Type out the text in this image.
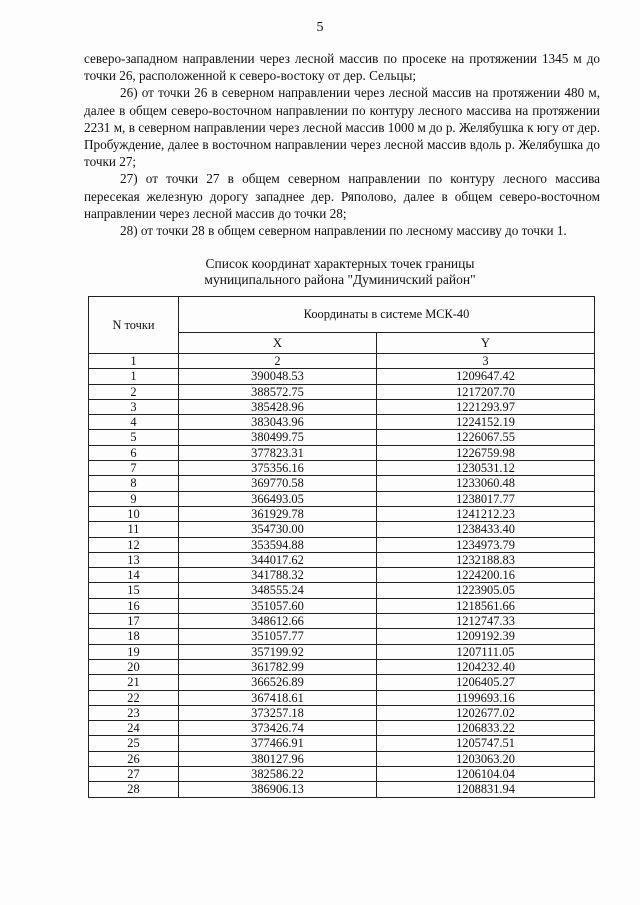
5

северо-западном направлении через лесной массив по просеке на протяжении 1345 м до точки 26, расположенной к северо-востоку от дер. Сельцы;

26) от точки 26 в северном направлении через лесной массив на протяжении 480 м, далее в общем северо-восточном направлении по контуру лесного массива на протяжении 2231 м, в северном направлении через лесной массив 1000 м до р. Желябушка к югу от дер. Пробуждение, далее в восточном направлении через лесной массив вдоль р. Желябушка до точки 27;

27) от точки 27 в общем северном направлении по контуру лесного массива пересекая железную дорогу западнее дер. Ряполово, далее в общем северо-восточном направлении через лесной массив до точки 28;

28) от точки 28 в общем северном направлении по лесному массиву до точки 1.

Список координат характерных точек границы
муниципального района "Думиничский район"
N точки	Координаты в системе МСК-40	
	X	Y
1	2	3
1	390048.53	1209647.42
2	388572.75	1217207.70
3	385428.96	1221293.97
4	383043.96	1224152.19
5	380499.75	1226067.55
6	377823.31	1226759.98
7	375356.16	1230531.12
8	369770.58	1233060.48
9	366493.05	1238017.77
10	361929.78	1241212.23
11	354730.00	1238433.40
12	353594.88	1234973.79
13	344017.62	1232188.83
14	341788.32	1224200.16
15	348555.24	1223905.05
16	351057.60	1218561.66
17	348612.66	1212747.33
18	351057.77	1209192.39
19	357199.92	1207111.05
20	361782.99	1204232.40
21	366526.89	1206405.27
22	367418.61	1199693.16
23	373257.18	1202677.02
24	373426.74	1206833.22
25	377466.91	1205747.51
26	380127.96	1203063.20
27	382586.22	1206104.04
28	386906.13	1208831.94
